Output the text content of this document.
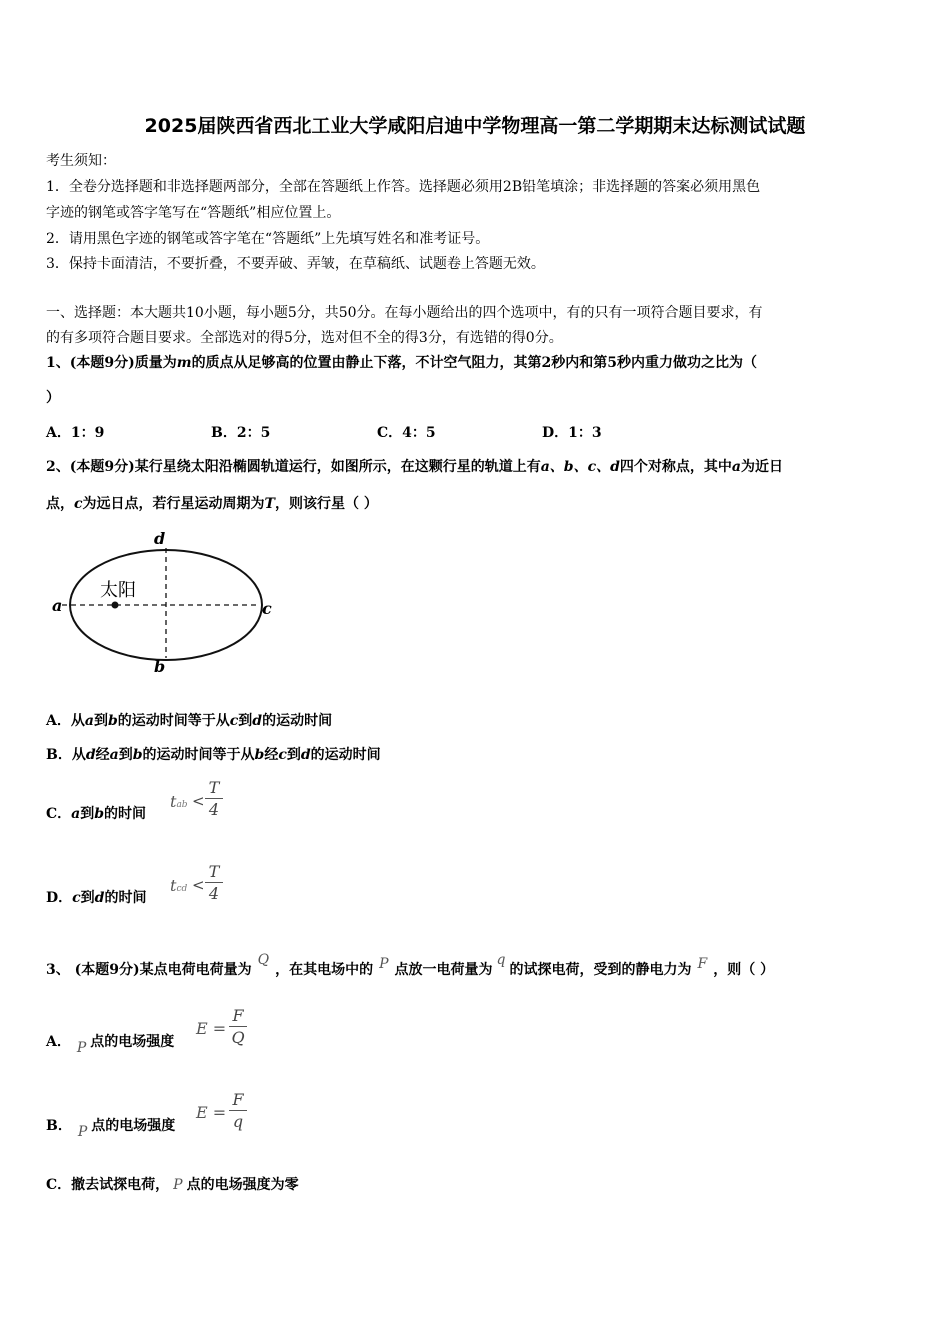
2025届陕西省西北工业大学咸阳启迪中学物理高一第二学期期末达标测试试题
考生须知：
1．全卷分选择题和非选择题两部分，全部在答题纸上作答。选择题必须用2B铅笔填涂；非选择题的答案必须用黑色
字迹的钢笔或答字笔写在“答题纸”相应位置上。
2．请用黑色字迹的钢笔或答字笔在“答题纸”上先填写姓名和准考证号。
3．保持卡面清洁，不要折叠，不要弄破、弄皱，在草稿纸、试题卷上答题无效。
一、选择题：本大题共10小题，每小题5分，共50分。在每小题给出的四个选项中，有的只有一项符合题目要求，有
的有多项符合题目要求。全部选对的得5分，选对但不全的得3分，有选错的得0分。
1、(本题9分)质量为m的质点从足够高的位置由静止下落，不计空气阻力，其第2秒内和第5秒内重力做功之比为（
）
A．1：9	B．2：5	C．4：5	D．1：3
2、(本题9分)某行星绕太阳沿椭圆轨道运行，如图所示，在这颗行星的轨道上有a、b、c、d四个对称点，其中a为近日
点，c为远日点，若行星运动周期为T，则该行星（ ）
太阳
a
b
c
d
A．从a到b的运动时间等于从c到d的运动时间
B．从d经a到b的运动时间等于从b经c到d的运动时间
C．a到b的时间
tab <
T
4
D．c到d的时间
tcd <
T
4
3、 (本题9分)某点电荷电荷量为Q，在其电场中的 P 点放一电荷量为q的试探电荷，受到的静电力为 F ，则（ ）
A． P 点的电场强度
E =
F
Q
B． P 点的电场强度
E =
F
q
C．撤去试探电荷， P 点的电场强度为零
